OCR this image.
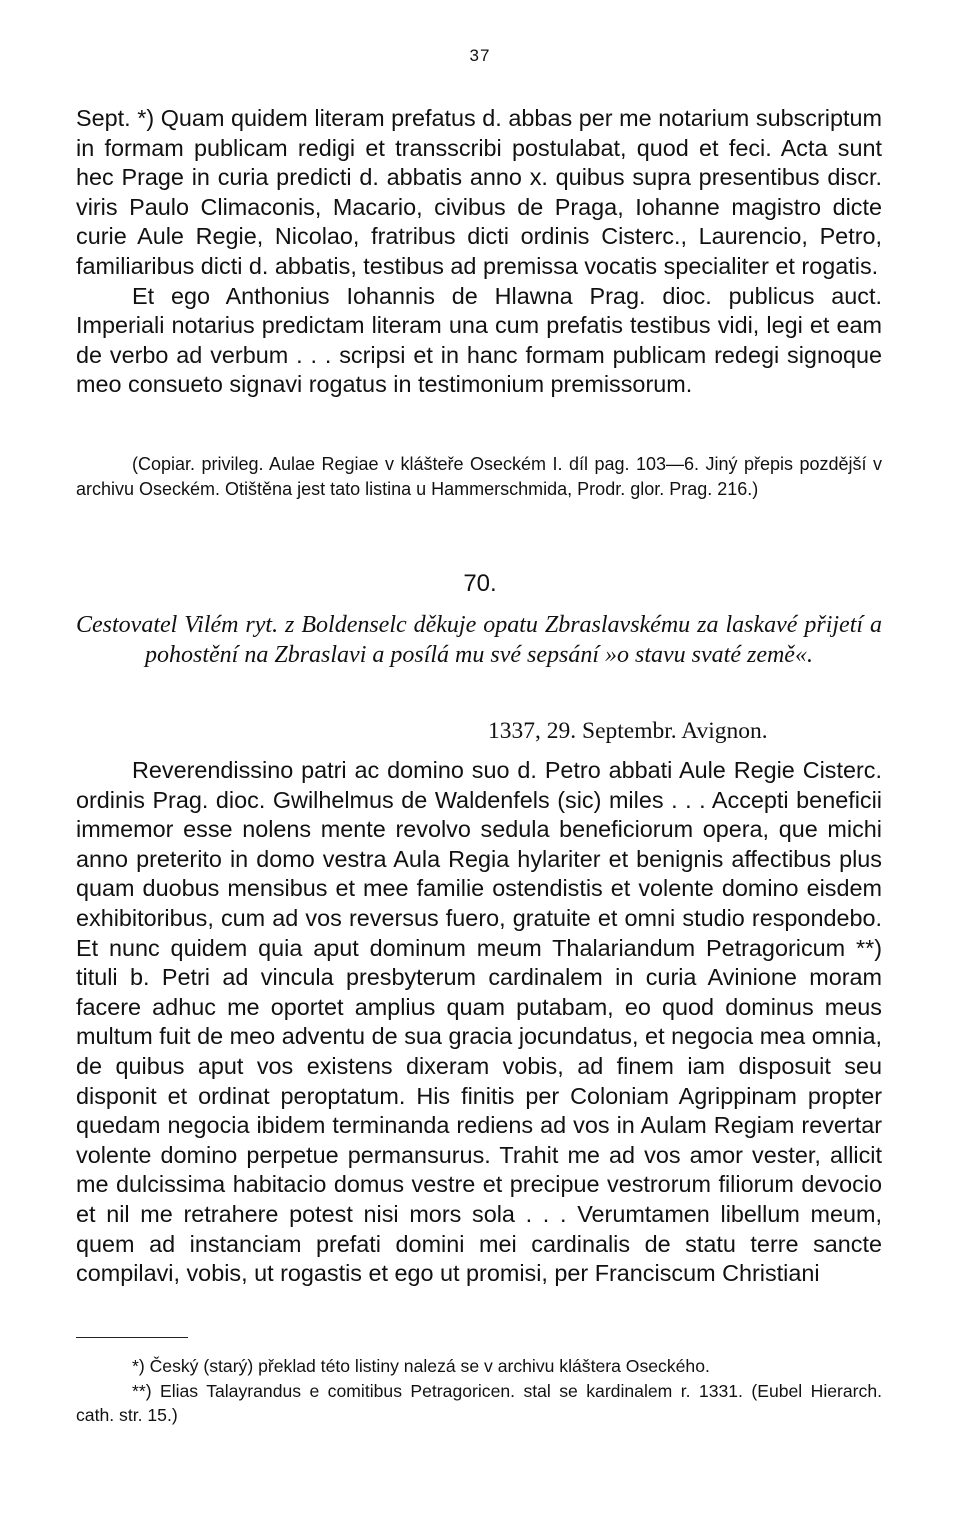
37

Sept. *) Quam quidem literam prefatus d. abbas per me notarium subscriptum in formam publicam redigi et transscribi postulabat, quod et feci. Acta sunt hec Prage in curia predicti d. abbatis anno x. quibus supra presentibus discr. viris Paulo Climaconis, Macario, civibus de Praga, Iohanne magistro dicte curie Aule Regie, Nicolao, fratribus dicti ordinis Cisterc., Laurencio, Petro, familiaribus dicti d. abbatis, testibus ad premissa vocatis specialiter et rogatis.

Et ego Anthonius Iohannis de Hlawna Prag. dioc. publicus auct. Imperiali notarius predictam literam una cum prefatis testibus vidi, legi et eam de verbo ad verbum . . . scripsi et in hanc formam publicam redegi signoque meo consueto signavi rogatus in testimonium premissorum.

(Copiar. privileg. Aulae Regiae v klášteře Oseckém I. díl pag. 103—6. Jiný přepis pozdější v archivu Oseckém. Otištěna jest tato listina u Hammerschmida, Prodr. glor. Prag. 216.)

70.

Cestovatel Vilém ryt. z Boldenselc děkuje opatu Zbraslavskému za laskavé přijetí a pohostění na Zbraslavi a posílá mu své sepsání »o stavu svaté země«.

1337, 29. Septembr. Avignon.

Reverendissino patri ac domino suo d. Petro abbati Aule Regie Cisterc. ordinis Prag. dioc. Gwilhelmus de Waldenfels (sic) miles . . . Accepti beneficii immemor esse nolens mente revolvo sedula beneficiorum opera, que michi anno preterito in domo vestra Aula Regia hylariter et benignis affectibus plus quam duobus mensibus et mee familie ostendistis et volente domino eisdem exhibitoribus, cum ad vos reversus fuero, gratuite et omni studio respondebo. Et nunc quidem quia aput dominum meum Thalariandum Petragoricum **) tituli b. Petri ad vincula presbyterum cardinalem in curia Avinione moram facere adhuc me oportet amplius quam putabam, eo quod dominus meus multum fuit de meo adventu de sua gracia jocundatus, et negocia mea omnia, de quibus aput vos existens dixeram vobis, ad finem iam disposuit seu disponit et ordinat peroptatum. His finitis per Coloniam Agrippinam propter quedam negocia ibidem terminanda rediens ad vos in Aulam Regiam revertar volente domino perpetue permansurus. Trahit me ad vos amor vester, allicit me dulcissima habitacio domus vestre et precipue vestrorum filiorum devocio et nil me retrahere potest nisi mors sola . . . Verumtamen libellum meum, quem ad instanciam prefati domini mei cardinalis de statu terre sancte compilavi, vobis, ut rogastis et ego ut promisi, per Franciscum Christiani

*) Český (starý) překlad této listiny nalezá se v archivu kláštera Oseckého.

**) Elias Talayrandus e comitibus Petragoricen. stal se kardinalem r. 1331. (Eubel Hierarch. cath. str. 15.)
